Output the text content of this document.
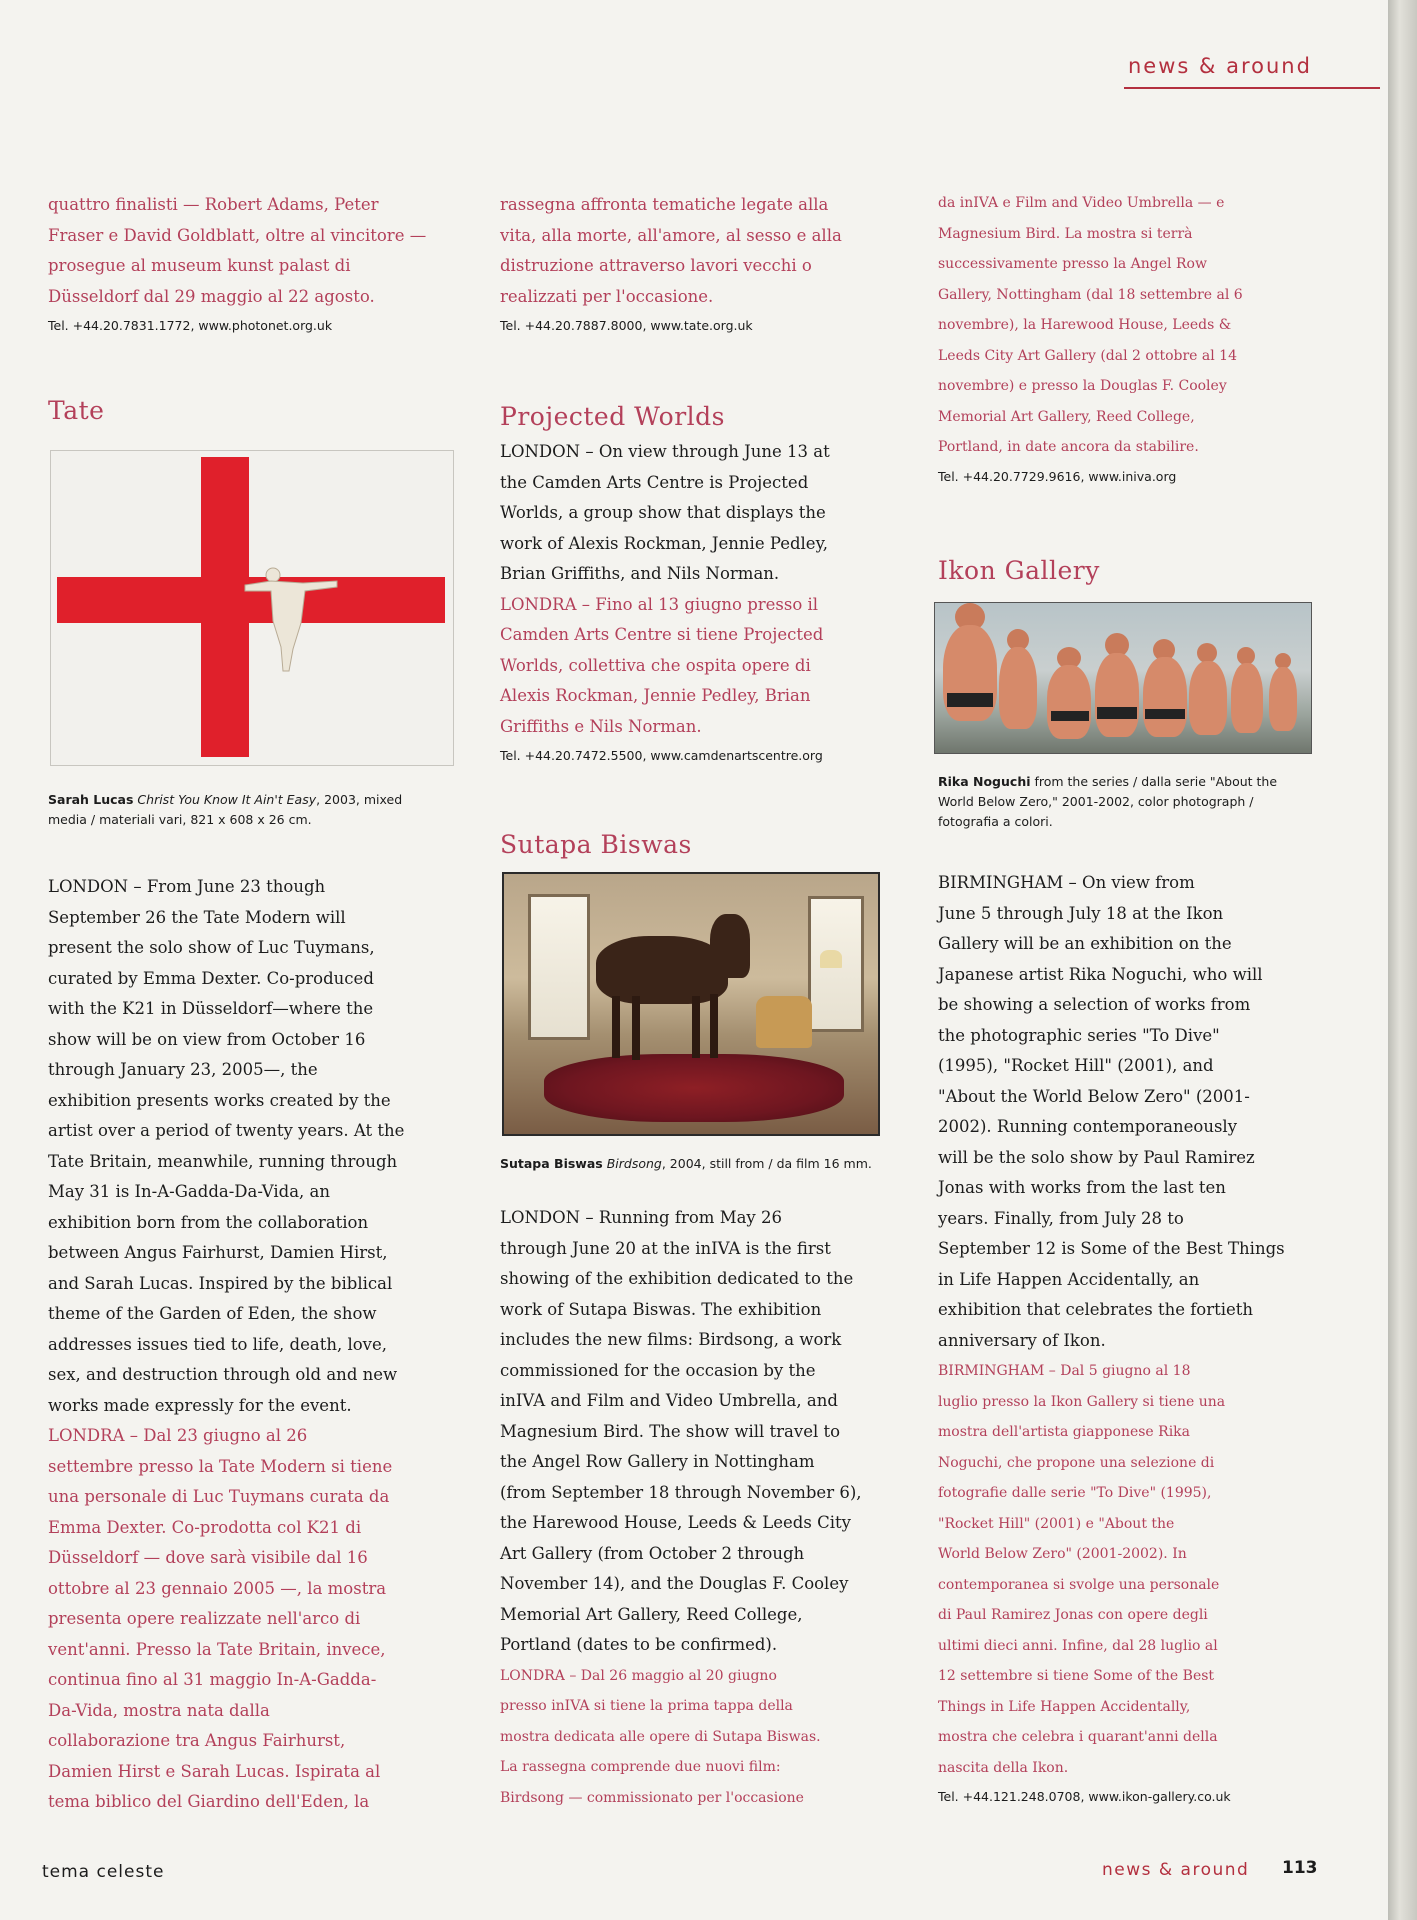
news & around

quattro finalisti — Robert Adams, Peter
Fraser e David Goldblatt, oltre al vincitore —
prosegue al museum kunst palast di
Düsseldorf dal 29 maggio al 22 agosto.

Tel. +44.20.7831.1772, www.photonet.org.uk

Tate

Sarah Lucas Christ You Know It Ain't Easy, 2003, mixed
media / materiali vari, 821 x 608 x 26 cm.

LONDON – From June 23 though
September 26 the Tate Modern will
present the solo show of Luc Tuymans,
curated by Emma Dexter. Co-produced
with the K21 in Düsseldorf—where the
show will be on view from October 16
through January 23, 2005—, the
exhibition presents works created by the
artist over a period of twenty years. At the
Tate Britain, meanwhile, running through
May 31 is In-A-Gadda-Da-Vida, an
exhibition born from the collaboration
between Angus Fairhurst, Damien Hirst,
and Sarah Lucas. Inspired by the biblical
theme of the Garden of Eden, the show
addresses issues tied to life, death, love,
sex, and destruction through old and new
works made expressly for the event.

LONDRA – Dal 23 giugno al 26
settembre presso la Tate Modern si tiene
una personale di Luc Tuymans curata da
Emma Dexter. Co-prodotta col K21 di
Düsseldorf — dove sarà visibile dal 16
ottobre al 23 gennaio 2005 —, la mostra
presenta opere realizzate nell'arco di
vent'anni. Presso la Tate Britain, invece,
continua fino al 31 maggio In-A-Gadda-
Da-Vida, mostra nata dalla
collaborazione tra Angus Fairhurst,
Damien Hirst e Sarah Lucas. Ispirata al
tema biblico del Giardino dell'Eden, la

rassegna affronta tematiche legate alla
vita, alla morte, all'amore, al sesso e alla
distruzione attraverso lavori vecchi o
realizzati per l'occasione.

Tel. +44.20.7887.8000, www.tate.org.uk

Projected Worlds

LONDON – On view through June 13 at
the Camden Arts Centre is Projected
Worlds, a group show that displays the
work of Alexis Rockman, Jennie Pedley,
Brian Griffiths, and Nils Norman.

LONDRA – Fino al 13 giugno presso il
Camden Arts Centre si tiene Projected
Worlds, collettiva che ospita opere di
Alexis Rockman, Jennie Pedley, Brian
Griffiths e Nils Norman.

Tel. +44.20.7472.5500, www.camdenartscentre.org

Sutapa Biswas

Sutapa Biswas Birdsong, 2004, still from / da film 16 mm.

LONDON – Running from May 26
through June 20 at the inIVA is the first
showing of the exhibition dedicated to the
work of Sutapa Biswas. The exhibition
includes the new films: Birdsong, a work
commissioned for the occasion by the
inIVA and Film and Video Umbrella, and
Magnesium Bird. The show will travel to
the Angel Row Gallery in Nottingham
(from September 18 through November 6),
the Harewood House, Leeds & Leeds City
Art Gallery (from October 2 through
November 14), and the Douglas F. Cooley
Memorial Art Gallery, Reed College,
Portland (dates to be confirmed).

LONDRA – Dal 26 maggio al 20 giugno
presso inIVA si tiene la prima tappa della
mostra dedicata alle opere di Sutapa Biswas.
La rassegna comprende due nuovi film:
Birdsong — commissionato per l'occasione

da inIVA e Film and Video Umbrella — e
Magnesium Bird. La mostra si terrà
successivamente presso la Angel Row
Gallery, Nottingham (dal 18 settembre al 6
novembre), la Harewood House, Leeds &
Leeds City Art Gallery (dal 2 ottobre al 14
novembre) e presso la Douglas F. Cooley
Memorial Art Gallery, Reed College,
Portland, in date ancora da stabilire.

Tel. +44.20.7729.9616, www.iniva.org

Ikon Gallery

Rika Noguchi from the series / dalla serie "About the
World Below Zero," 2001-2002, color photograph /
fotografia a colori.

BIRMINGHAM – On view from
June 5 through July 18 at the Ikon
Gallery will be an exhibition on the
Japanese artist Rika Noguchi, who will
be showing a selection of works from
the photographic series "To Dive"
(1995), "Rocket Hill" (2001), and
"About the World Below Zero" (2001-
2002). Running contemporaneously
will be the solo show by Paul Ramirez
Jonas with works from the last ten
years. Finally, from July 28 to
September 12 is Some of the Best Things
in Life Happen Accidentally, an
exhibition that celebrates the fortieth
anniversary of Ikon.

BIRMINGHAM – Dal 5 giugno al 18
luglio presso la Ikon Gallery si tiene una
mostra dell'artista giapponese Rika
Noguchi, che propone una selezione di
fotografie dalle serie "To Dive" (1995),
"Rocket Hill" (2001) e "About the
World Below Zero" (2001-2002). In
contemporanea si svolge una personale
di Paul Ramirez Jonas con opere degli
ultimi dieci anni. Infine, dal 28 luglio al
12 settembre si tiene Some of the Best
Things in Life Happen Accidentally,
mostra che celebra i quarant'anni della
nascita della Ikon.

Tel. +44.121.248.0708, www.ikon-gallery.co.uk

tema celeste	news & around 113
